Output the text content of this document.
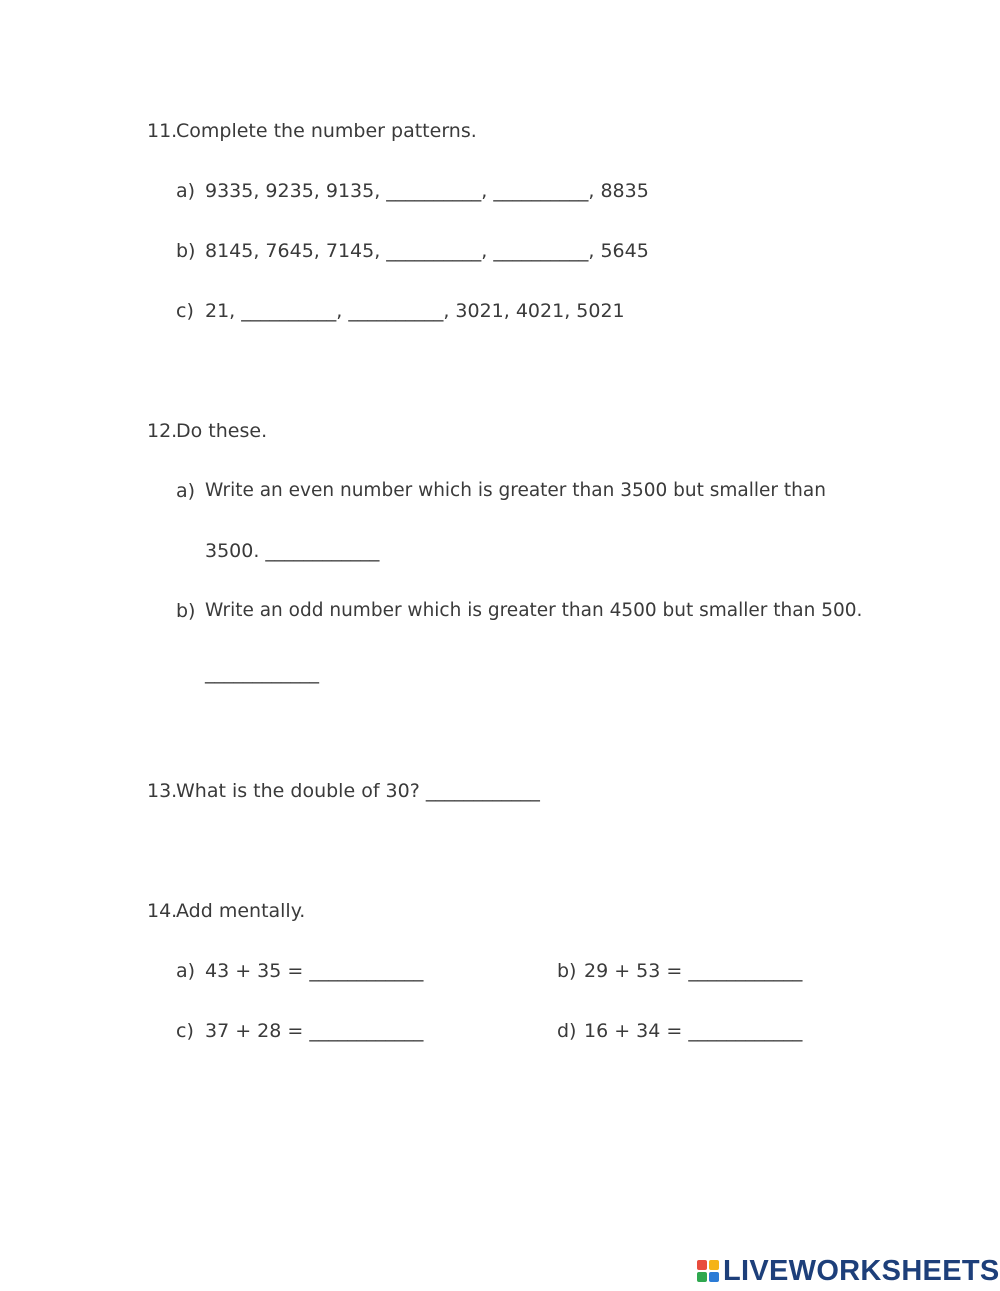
11.
Complete the number patterns.
a) 9335, 9235, 9135, __________, __________, 8835
b) 8145, 7645, 7145, __________, __________, 5645
c) 21, __________, __________, 3021, 4021, 5021
12.
Do these.
a) Write an even number which is greater than 3500 but smaller than
3500. ____________
b) Write an odd number which is greater than 4500 but smaller than 500.
____________
13.
What is the double of 30? ____________
14.
Add mentally.
a) 43 + 35 = ____________	b) 29 + 53 = ____________
c) 37 + 28 = ____________	d) 16 + 34 = ____________
LIVEWORKSHEETS
